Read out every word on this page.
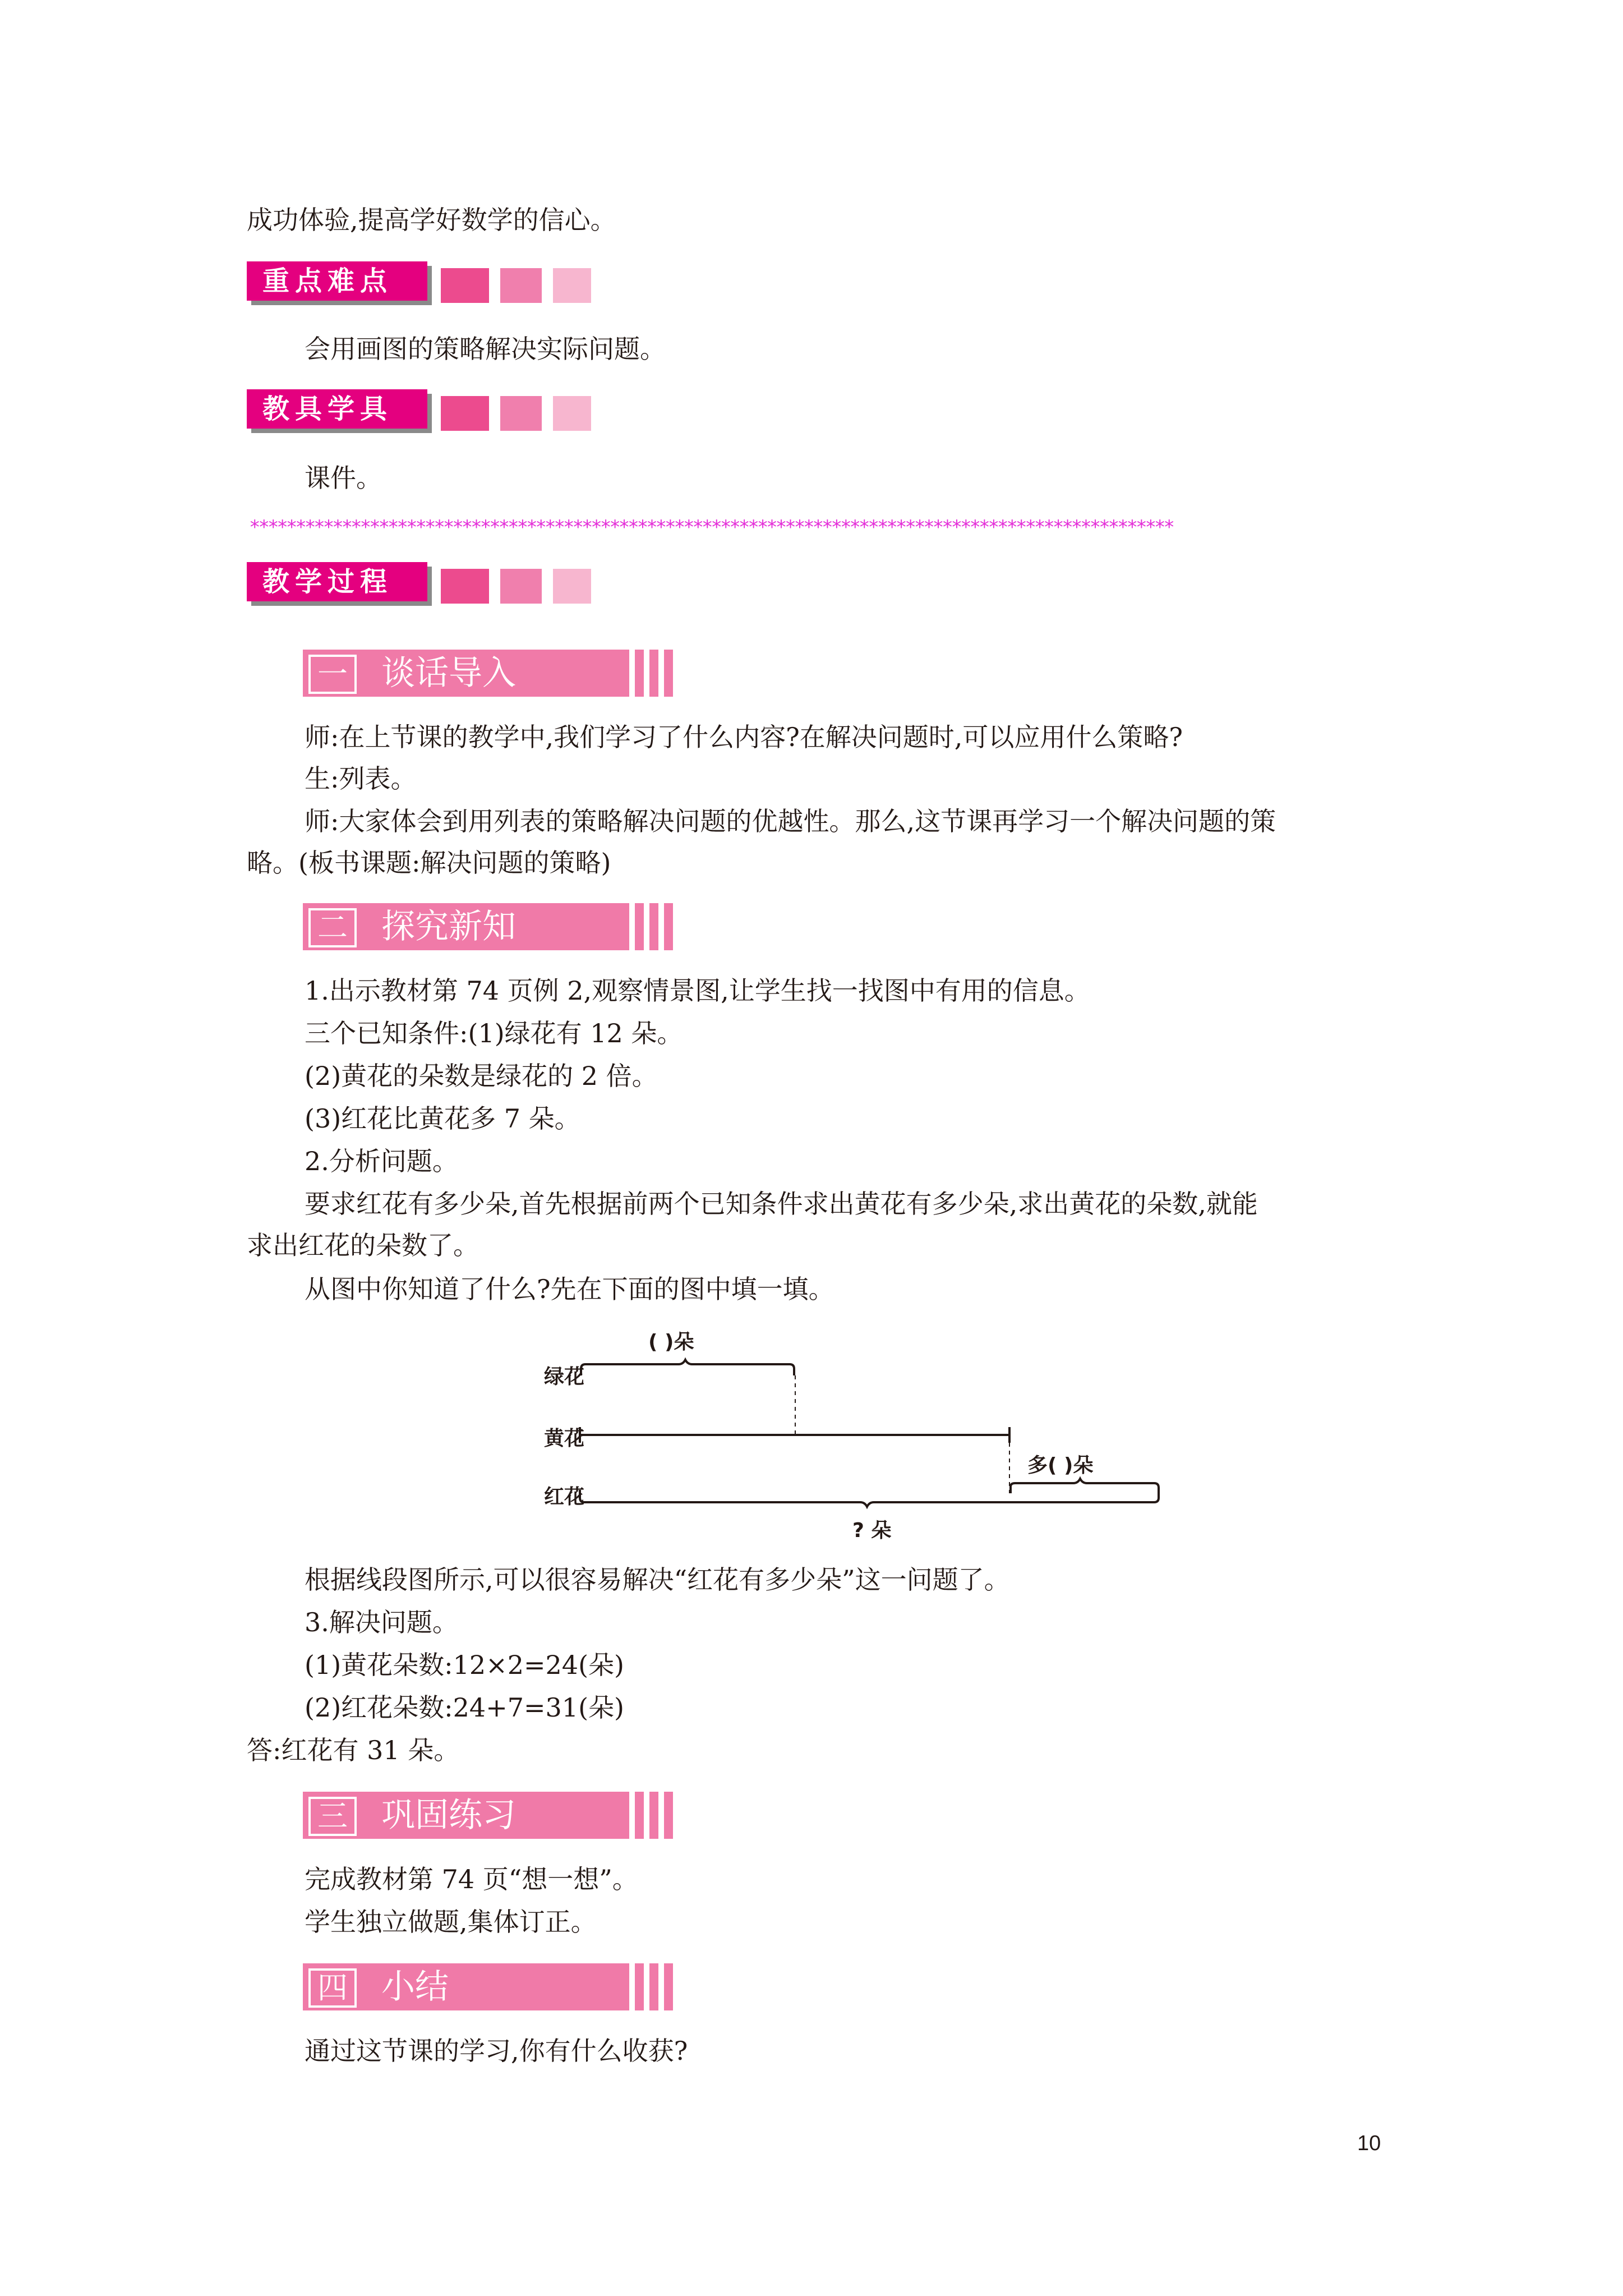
成功体验,提高学好数学的信心。

重点难点

会用画图的策略解决实际问题。

教具学具

课件。

****************************************************************************************************
教学过程
一 谈话导入

师:在上节课的教学中,我们学习了什么内容?在解决问题时,可以应用什么策略?

生:列表。

师:大家体会到用列表的策略解决问题的优越性。那么,这节课再学习一个解决问题的策

略。(板书课题:解决问题的策略)

二 探究新知

1.出示教材第 74 页例 2,观察情景图,让学生找一找图中有用的信息。

三个已知条件:(1)绿花有 12 朵。

(2)黄花的朵数是绿花的 2 倍。

(3)红花比黄花多 7 朵。

2.分析问题。

要求红花有多少朵,首先根据前两个已知条件求出黄花有多少朵,求出黄花的朵数,就能

求出红花的朵数了。

从图中你知道了什么?先在下面的图中填一填。

绿花
黄花
红花
( )朵
多( )朵
? 朵

根据线段图所示,可以很容易解决“红花有多少朵”这一问题了。

3.解决问题。

(1)黄花朵数:12×2=24(朵)

(2)红花朵数:24+7=31(朵)

答:红花有 31 朵。

三 巩固练习

完成教材第 74 页“想一想”。

学生独立做题,集体订正。

四 小结

通过这节课的学习,你有什么收获?

10
